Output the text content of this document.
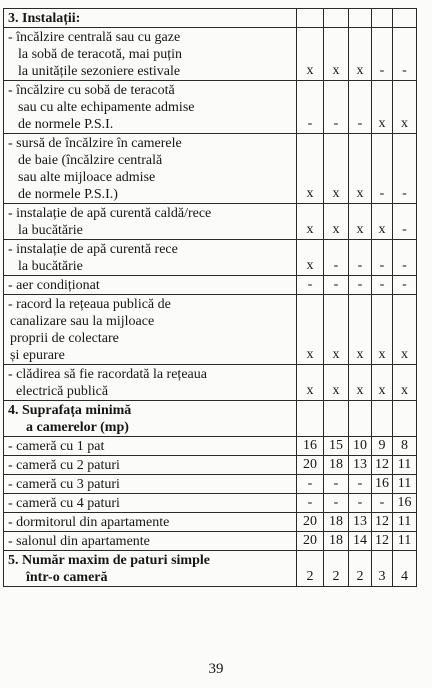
3. Instalații:					

- încălzire centrală sau cu gaze
la sobă de teracotă, mai puțin
la unitățile sezoniere estivale	x	x	x	-	-

- încălzire cu sobă de teracotă
sau cu alte echipamente admise
de normele P.S.I.	-	-	-	x	x

- sursă de încălzire în camerele
de baie (încălzire centrală
sau alte mijloace admise
de normele P.S.I.)	x	x	x	-	-

- instalație de apă curentă caldă/rece
la bucătărie	x	x	x	x	-

- instalație de apă curentă rece
la bucătărie	x	-	-	-	-

- aer condiționat	-	-	-	-	-

- racord la rețeaua publică de
canalizare sau la mijloace
proprii de colectare
și epurare	x	x	x	x	x

- clădirea să fie racordată la rețeaua
electrică publică	x	x	x	x	x

4. Suprafața minimă
a camerelor (mp)					

- cameră cu 1 pat	16	15	10	9	8

- cameră cu 2 paturi	20	18	13	12	11

- cameră cu 3 paturi	-	-	-	16	11

- cameră cu 4 paturi	-	-	-	-	16

- dormitorul din apartamente	20	18	13	12	11

- salonul din apartamente	20	18	14	12	11

5. Număr maxim de paturi simple
într-o cameră	2	2	2	3	4
39
